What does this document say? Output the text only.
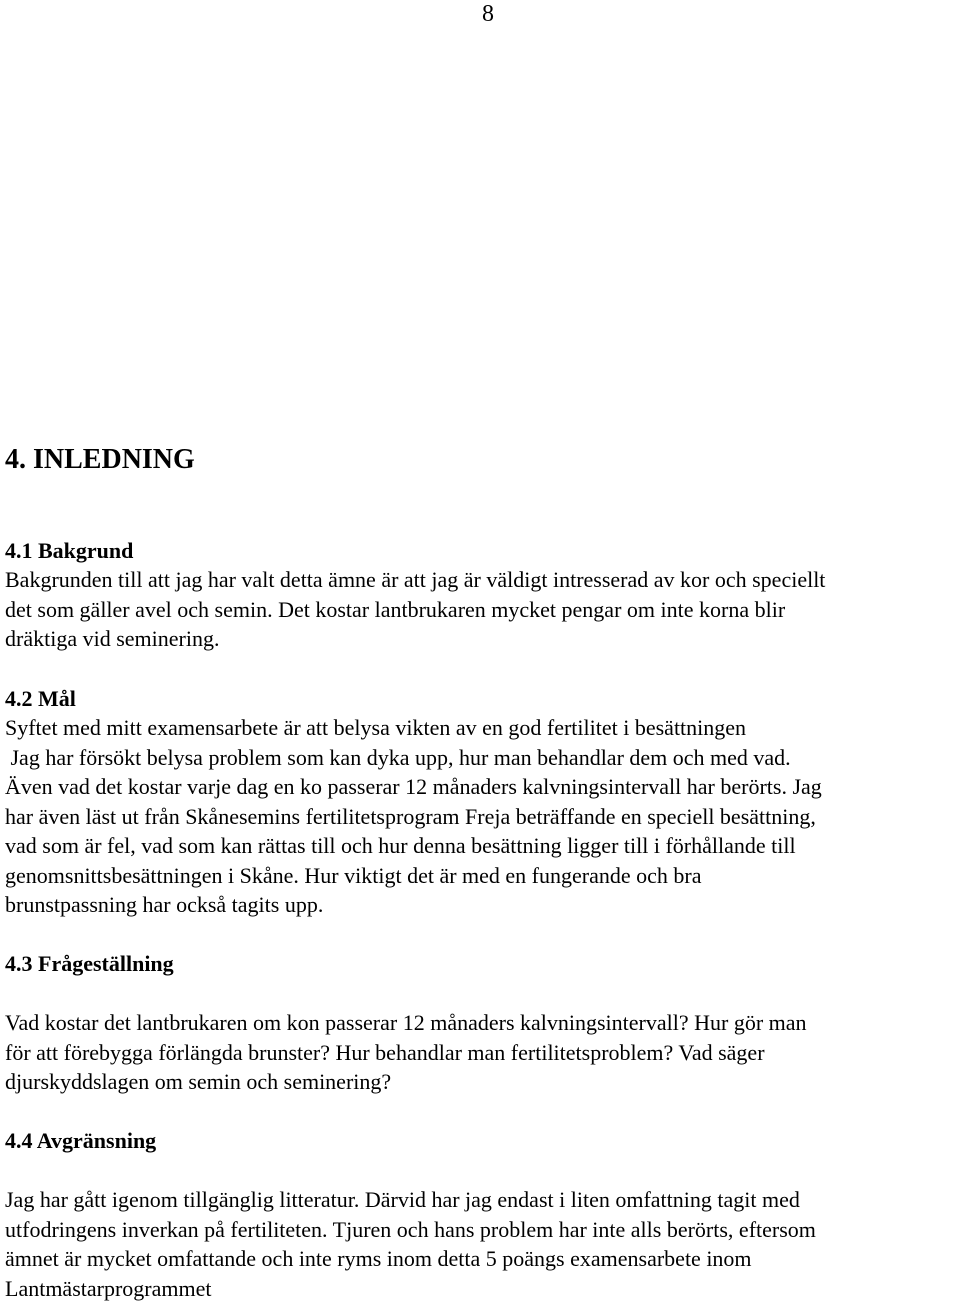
8
4. INLEDNING
4.1 Bakgrund

Bakgrunden till att jag har valt detta ämne är att jag är väldigt intresserad av kor och speciellt
det som gäller avel och semin. Det kostar lantbrukaren mycket pengar om inte korna blir
dräktiga vid seminering.

4.2 Mål

Syftet med mitt examensarbete är att belysa vikten av en god fertilitet i besättningen
Jag har försökt belysa problem som kan dyka upp, hur man behandlar dem och med vad.
Även vad det kostar varje dag en ko passerar 12 månaders kalvningsintervall har berörts. Jag
har även läst ut från Skånesemins fertilitetsprogram Freja beträffande en speciell besättning,
vad som är fel, vad som kan rättas till och hur denna besättning ligger till i förhållande till
genomsnittsbesättningen i Skåne. Hur viktigt det är med en fungerande och bra
brunstpassning har också tagits upp.

4.3 Frågeställning

Vad kostar det lantbrukaren om kon passerar 12 månaders kalvningsintervall? Hur gör man
för att förebygga förlängda brunster? Hur behandlar man fertilitetsproblem? Vad säger
djurskyddslagen om semin och seminering?

4.4 Avgränsning

Jag har gått igenom tillgänglig litteratur. Därvid har jag endast i liten omfattning tagit med
utfodringens inverkan på fertiliteten. Tjuren och hans problem har inte alls berörts, eftersom
ämnet är mycket omfattande och inte ryms inom detta 5 poängs examensarbete inom
Lantmästarprogrammet
